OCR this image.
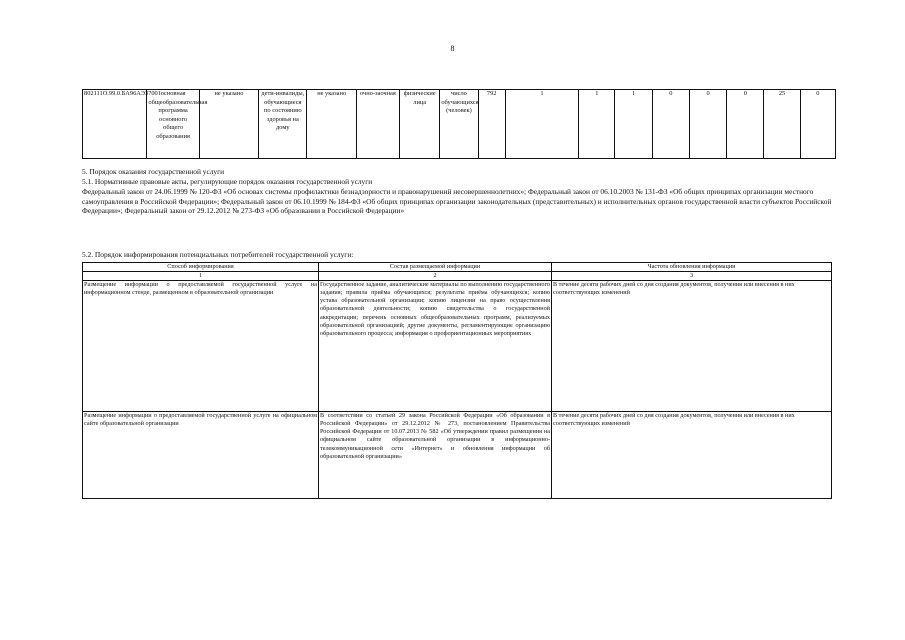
8
802111О.99.0.БА96АЭ37001	основная общеобразовательная программа основного общего образования	не указано	дети-инвалиды, обучающиеся по состоянию здоровья на дому	не указано	очно-заочная	физические лица	число обучающихся (человек)	792	1	1	1	0	0	0	25	0
5. Порядок оказания государственной услуги
5.1. Нормативные правовые акты, регулирующие порядок оказания государственной услуги
Федеральный закон от 24.06.1999 № 120-ФЗ «Об основах системы профилактики безнадзорности и правонарушений несовершеннолетних»; Федеральный закон от 06.10.2003 № 131-ФЗ «Об общих принципах организации местного самоуправления в Российской Федерации»; Федеральный закон от 06.10.1999 № 184-ФЗ «Об общих принципах организации законодательных (представительных) и исполнительных органов государственной власти субъектов Российской Федерации»; Федеральный закон от 29.12.2012 № 273-ФЗ «Об образовании в Российской Федерации»
5.2. Порядок информирования потенциальных потребителей государственной услуги:
Способ информирования	Состав размещаемой информации	Частота обновления информации
1	2	3
Размещение информации о предоставляемой государственной услуге на информационном стенде, размещенном в образовательной организации	Государственное задание, аналитические материалы по выполнению государственного задания; правила приёма обучающихся; результаты приёма обучающихся; копию устава образовательной организации; копию лицензии на право осуществления образовательной деятельности; копию свидетельства о государственной аккредитации; перечень основных общеобразовательных программ, реализуемых образовательной организацией; другие документы, регламентирующие организацию образовательного процесса; информация о профориентационных мероприятиях	В течение десяти рабочих дней со дня создания документов, получения или внесения в них соответствующих изменений
Размещение информации о предоставляемой государственной услуге на официальном сайте образовательной организации	В соответствии со статьей 29 закона Российской Федерации «Об образовании в Российской Федерации» от 29.12.2012 № 273, постановлением Правительства Российской Федерации от 10.07.2013 № 582 «Об утверждении правил размещения на официальном сайте образовательной организации в информационно-телекоммуникационной сети «Интернет» и обновления информации об образовательной организации»	В течение десяти рабочих дней со дня создания документов, получения или внесения в них соответствующих изменений
